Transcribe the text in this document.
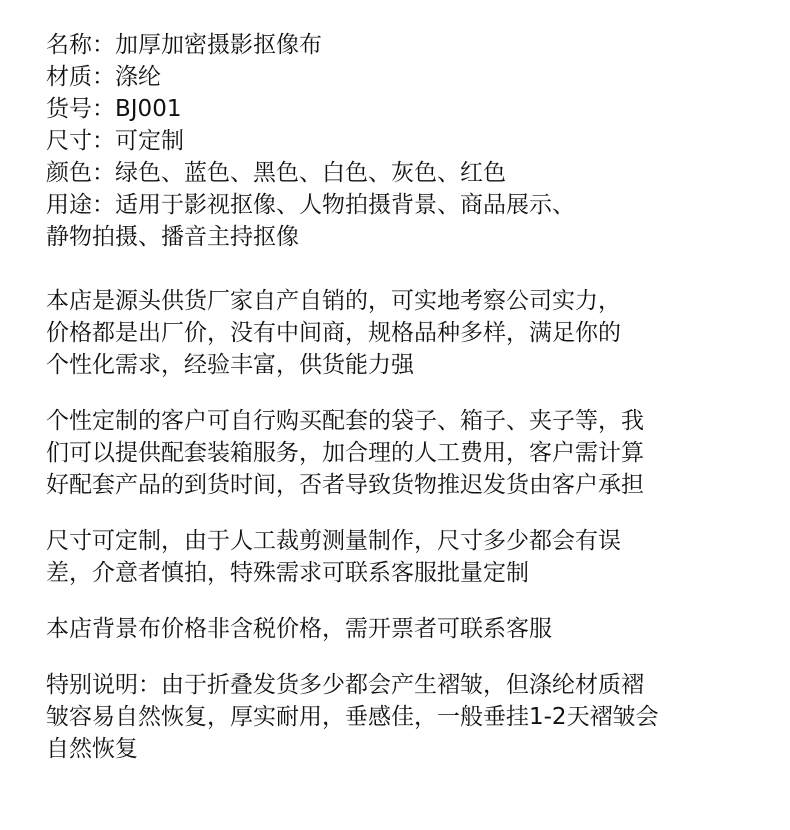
名称：加厚加密摄影抠像布
材质：涤纶
货号：BJ001
尺寸：可定制
颜色：绿色、蓝色、黑色、白色、灰色、红色
用途：适用于影视抠像、人物拍摄背景、商品展示、
静物拍摄、播音主持抠像
本店是源头供货厂家自产自销的，可实地考察公司实力，
价格都是出厂价，没有中间商，规格品种多样，满足你的
个性化需求，经验丰富，供货能力强
个性定制的客户可自行购买配套的袋子、箱子、夹子等，我
们可以提供配套装箱服务，加合理的人工费用，客户需计算
好配套产品的到货时间，否者导致货物推迟发货由客户承担
尺寸可定制，由于人工裁剪测量制作，尺寸多少都会有误
差，介意者慎拍，特殊需求可联系客服批量定制
本店背景布价格非含税价格，需开票者可联系客服
特别说明：由于折叠发货多少都会产生褶皱，但涤纶材质褶
皱容易自然恢复，厚实耐用，垂感佳，一般垂挂1-2天褶皱会
自然恢复
